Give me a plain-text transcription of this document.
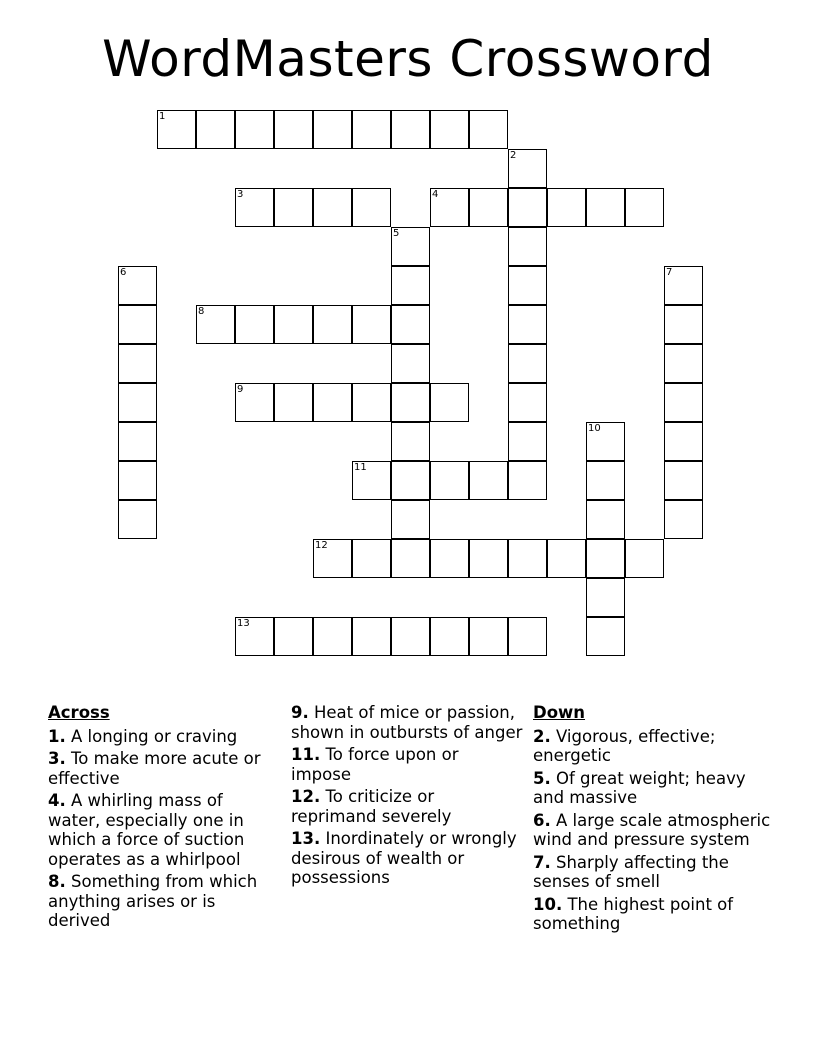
WordMasters Crossword
1
2
3	4
5
6	7
8
9
10
11
12
13
Across
1. A longing or craving
3. To make more acute or effective
4. A whirling mass of water, especially one in which a force of suction operates as a whirlpool
8. Something from which anything arises or is derived
9. Heat of mice or passion, shown in outbursts of anger
11. To force upon or impose
12. To criticize or reprimand severely
13. Inordinately or wrongly desirous of wealth or possessions
Down
2. Vigorous, effective; energetic
5. Of great weight; heavy and massive
6. A large scale atmospheric wind and pressure system
7. Sharply affecting the senses of smell
10. The highest point of something
